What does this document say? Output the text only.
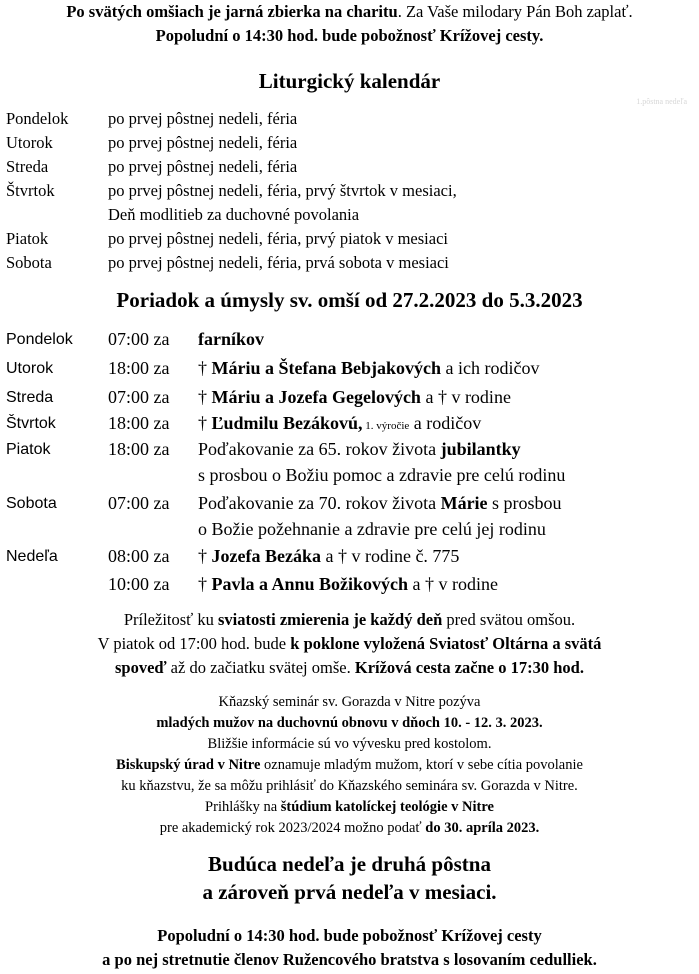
Po svätých omšiach je jarná zbierka na charitu. Za Vaše milodary Pán Boh zaplať.
Popoludní o 14:30 hod. bude pobožnosť Krížovej cesty.
Liturgický kalendár
1.pôstna nedeľa
Pondelok po prvej pôstnej nedeli, féria
Utorok	po prvej pôstnej nedeli, féria
Streda	po prvej pôstnej nedeli, féria
Štvrtok	po prvej pôstnej nedeli, féria, prvý štvrtok v mesiaci,
Deň modlitieb za duchovné povolania
Piatok	po prvej pôstnej nedeli, féria, prvý piatok v mesiaci
Sobota	po prvej pôstnej nedeli, féria, prvá sobota v mesiaci
Poriadok a úmysly sv. omší od 27.2.2023 do 5.3.2023
Pondelok 07:00 za farníkov
Utorok	18:00 za † Máriu a Štefana Bebjakových a ich rodičov
Streda	07:00 za † Máriu a Jozefa Gegelových a † v rodine
Štvrtok	18:00 za † Ľudmilu Bezákovú, 1. výročie a rodičov
Piatok	18:00 za Poďakovanie za 65. rokov života jubilantky
s prosbou o Božiu pomoc a zdravie pre celú rodinu
Sobota	07:00 za Poďakovanie za 70. rokov života Márie s prosbou
o Božie požehnanie a zdravie pre celú jej rodinu
Nedeľa	08:00 za † Jozefa Bezáka a † v rodine č. 775
10:00 za † Pavla a Annu Božikových a † v rodine
Príležitosť ku sviatosti zmierenia je každý deň pred svätou omšou.
V piatok od 17:00 hod. bude k poklone vyložená Sviatosť Oltárna a svätá
spoveď až do začiatku svätej omše. Krížová cesta začne o 17:30 hod.
Kňazský seminár sv. Gorazda v Nitre pozýva
mladých mužov na duchovnú obnovu v dňoch 10. - 12. 3. 2023.
Bližšie informácie sú vo vývesku pred kostolom.
Biskupský úrad v Nitre oznamuje mladým mužom, ktorí v sebe cítia povolanie
ku kňazstvu, že sa môžu prihlásiť do Kňazského seminára sv. Gorazda v Nitre.
Prihlášky na štúdium katolíckej teológie v Nitre
pre akademický rok 2023/2024 možno podať do 30. apríla 2023.
Budúca nedeľa je druhá pôstna
a zároveň prvá nedeľa v mesiaci.
Popoludní o 14:30 hod. bude pobožnosť Krížovej cesty
a po nej stretnutie členov Ružencového bratstva s losovaním cedulliek.
